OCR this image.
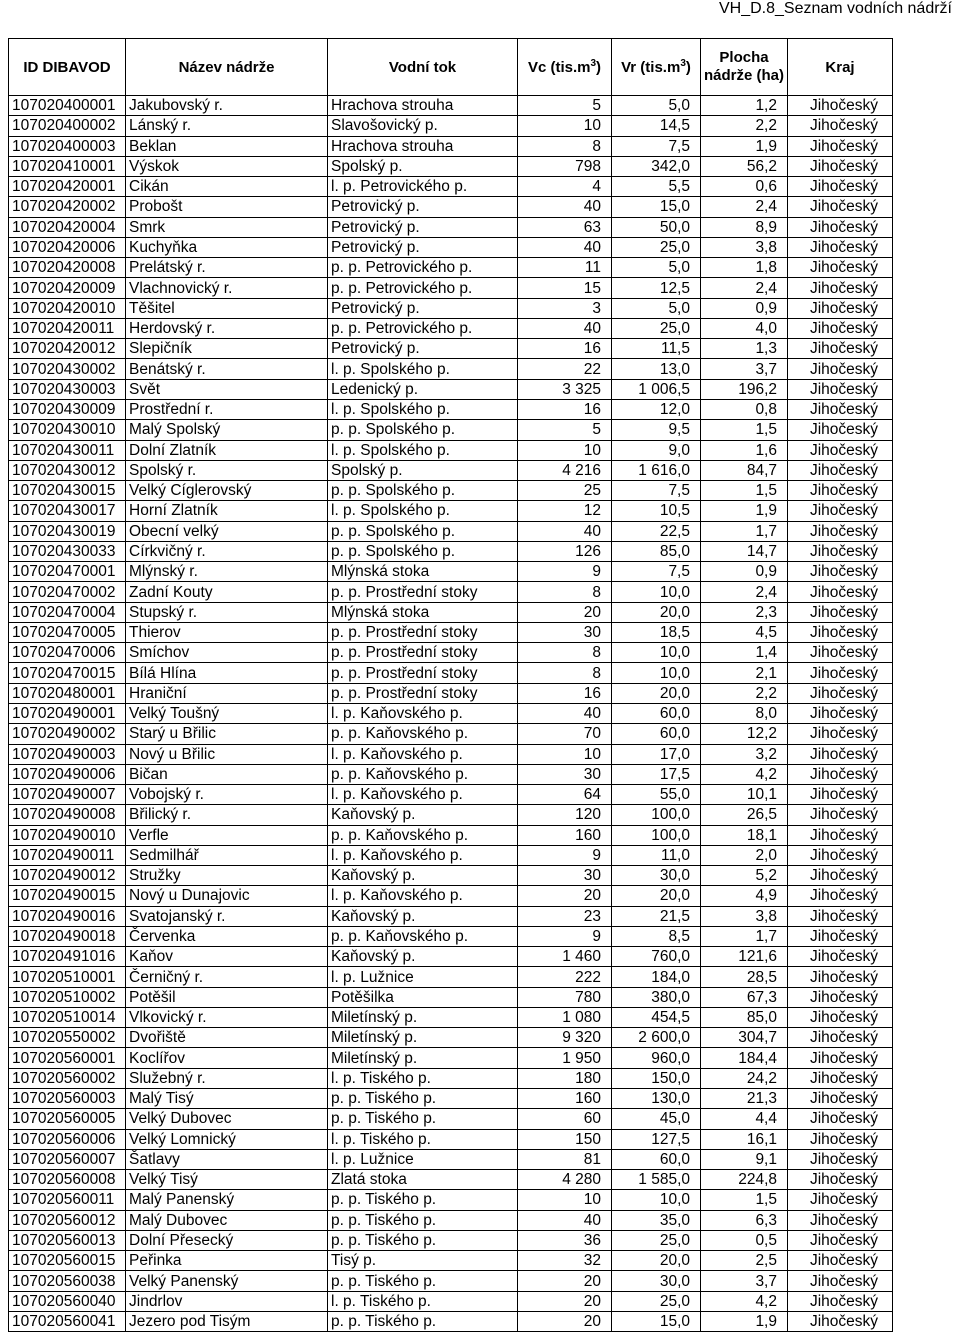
VH_D.8_Seznam vodních nádrží
ID DIBAVOD	Název nádrže	Vodní tok	Vc $(tis.m^3)$	Vr $(tis.m^3)$	Plocha nádrže (ha)	Kraj
107020400001	Jakubovský r.	Hrachova strouha	5	5,0	1,2	Jihočeský
107020400002	Lánský r.	Slavošovický p.	10	14,5	2,2	Jihočeský
107020400003	Beklan	Hrachova strouha	8	7,5	1,9	Jihočeský
107020410001	Výskok	Spolský p.	798	342,0	56,2	Jihočeský
107020420001	Cikán	l. p. Petrovického p.	4	5,5	0,6	Jihočeský
107020420002	Probošt	Petrovický p.	40	15,0	2,4	Jihočeský
107020420004	Smrk	Petrovický p.	63	50,0	8,9	Jihočeský
107020420006	Kuchyňka	Petrovický p.	40	25,0	3,8	Jihočeský
107020420008	Prelátský r.	p. p. Petrovického p.	11	5,0	1,8	Jihočeský
107020420009	Vlachnovický r.	p. p. Petrovického p.	15	12,5	2,4	Jihočeský
107020420010	Těšitel	Petrovický p.	3	5,0	0,9	Jihočeský
107020420011	Herdovský r.	p. p. Petrovického p.	40	25,0	4,0	Jihočeský
107020420012	Slepičník	Petrovický p.	16	11,5	1,3	Jihočeský
107020430002	Benátský r.	l. p. Spolského p.	22	13,0	3,7	Jihočeský
107020430003	Svět	Ledenický p.	3 325	1 006,5	196,2	Jihočeský
107020430009	Prostřední r.	l. p. Spolského p.	16	12,0	0,8	Jihočeský
107020430010	Malý Spolský	p. p. Spolského p.	5	9,5	1,5	Jihočeský
107020430011	Dolní Zlatník	l. p. Spolského p.	10	9,0	1,6	Jihočeský
107020430012	Spolský r.	Spolský p.	4 216	1 616,0	84,7	Jihočeský
107020430015	Velký Cíglerovský	p. p. Spolského p.	25	7,5	1,5	Jihočeský
107020430017	Horní Zlatník	l. p. Spolského p.	12	10,5	1,9	Jihočeský
107020430019	Obecní velký	p. p. Spolského p.	40	22,5	1,7	Jihočeský
107020430033	Církvičný r.	p. p. Spolského p.	126	85,0	14,7	Jihočeský
107020470001	Mlýnský r.	Mlýnská stoka	9	7,5	0,9	Jihočeský
107020470002	Zadní Kouty	p. p. Prostřední stoky	8	10,0	2,4	Jihočeský
107020470004	Stupský r.	Mlýnská stoka	20	20,0	2,3	Jihočeský
107020470005	Thierov	p. p. Prostřední stoky	30	18,5	4,5	Jihočeský
107020470006	Smíchov	p. p. Prostřední stoky	8	10,0	1,4	Jihočeský
107020470015	Bílá Hlína	p. p. Prostřední stoky	8	10,0	2,1	Jihočeský
107020480001	Hraniční	p. p. Prostřední stoky	16	20,0	2,2	Jihočeský
107020490001	Velký Toušný	l. p. Kaňovského p.	40	60,0	8,0	Jihočeský
107020490002	Starý u Břilic	p. p. Kaňovského p.	70	60,0	12,2	Jihočeský
107020490003	Nový u Břilic	l. p. Kaňovského p.	10	17,0	3,2	Jihočeský
107020490006	Bičan	p. p. Kaňovského p.	30	17,5	4,2	Jihočeský
107020490007	Vobojský r.	l. p. Kaňovského p.	64	55,0	10,1	Jihočeský
107020490008	Břilický r.	Kaňovský p.	120	100,0	26,5	Jihočeský
107020490010	Verfle	p. p. Kaňovského p.	160	100,0	18,1	Jihočeský
107020490011	Sedmilhář	l. p. Kaňovského p.	9	11,0	2,0	Jihočeský
107020490012	Stružky	Kaňovský p.	30	30,0	5,2	Jihočeský
107020490015	Nový u Dunajovic	l. p. Kaňovského p.	20	20,0	4,9	Jihočeský
107020490016	Svatojanský r.	Kaňovský p.	23	21,5	3,8	Jihočeský
107020490018	Červenka	p. p. Kaňovského p.	9	8,5	1,7	Jihočeský
107020491016	Kaňov	Kaňovský p.	1 460	760,0	121,6	Jihočeský
107020510001	Černičný r.	l. p. Lužnice	222	184,0	28,5	Jihočeský
107020510002	Potěšil	Potěšilka	780	380,0	67,3	Jihočeský
107020510014	Vlkovický r.	Miletínský p.	1 080	454,5	85,0	Jihočeský
107020550002	Dvořiště	Miletínský p.	9 320	2 600,0	304,7	Jihočeský
107020560001	Koclířov	Miletínský p.	1 950	960,0	184,4	Jihočeský
107020560002	Služebný r.	l. p. Tiského p.	180	150,0	24,2	Jihočeský
107020560003	Malý Tisý	p. p. Tiského p.	160	130,0	21,3	Jihočeský
107020560005	Velký Dubovec	p. p. Tiského p.	60	45,0	4,4	Jihočeský
107020560006	Velký Lomnický	l. p. Tiského p.	150	127,5	16,1	Jihočeský
107020560007	Šatlavy	l. p. Lužnice	81	60,0	9,1	Jihočeský
107020560008	Velký Tisý	Zlatá stoka	4 280	1 585,0	224,8	Jihočeský
107020560011	Malý Panenský	p. p. Tiského p.	10	10,0	1,5	Jihočeský
107020560012	Malý Dubovec	p. p. Tiského p.	40	35,0	6,3	Jihočeský
107020560013	Dolní Přesecký	p. p. Tiského p.	36	25,0	0,5	Jihočeský
107020560015	Peřinka	Tisý p.	32	20,0	2,5	Jihočeský
107020560038	Velký Panenský	p. p. Tiského p.	20	30,0	3,7	Jihočeský
107020560040	Jindrlov	l. p. Tiského p.	20	25,0	4,2	Jihočeský
107020560041	Jezero pod Tisým	p. p. Tiského p.	20	15,0	1,9	Jihočeský
